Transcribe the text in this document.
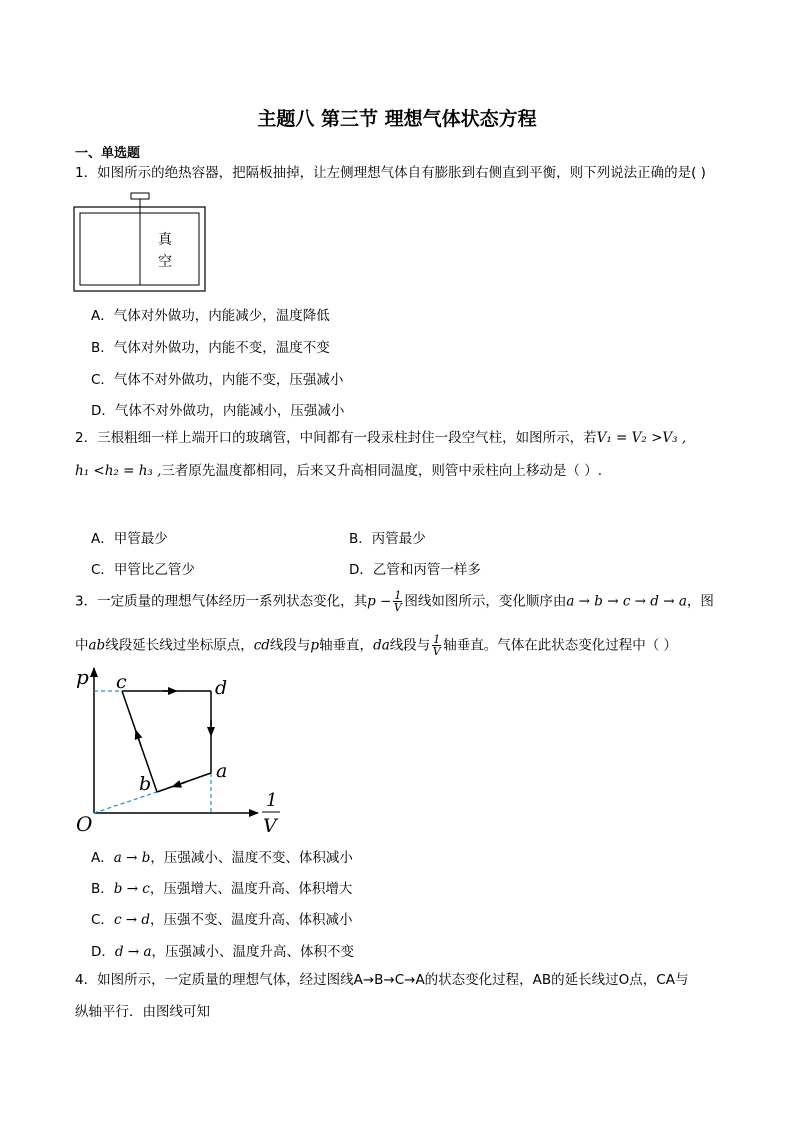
主题八 第三节 理想气体状态方程
一、单选题
1．如图所示的绝热容器，把隔板抽掉，让左侧理想气体自有膨胀到右侧直到平衡，则下列说法正确的是( )
真
空
A．气体对外做功，内能减少，温度降低
B．气体对外做功，内能不变，温度不变
C．气体不对外做功，内能不变，压强减小
D．气体不对外做功，内能减小，压强减小
2．三根粗细一样上端开口的玻璃管，中间都有一段汞柱封住一段空气柱，如图所示，若V₁ = V₂ >V₃ ,
h₁ <h₂ = h₃ ,三者原先温度都相同，后来又升高相同温度，则管中汞柱向上移动是（ ）.
A．甲管最少	B．丙管最少
C．甲管比乙管少	D．乙管和丙管一样多
3．一定质量的理想气体经历一系列状态变化，其$p - \frac{1}{V}$ 图线如图所示，变化顺序由a → b → c → d → a，图
中ab线段延长线过坐标原点，cd线段与p轴垂直，da线段与 $\frac{1}{V}$ 轴垂直。气体在此状态变化过程中（ ）
p
O
c	d
a
b
1
V
A．a → b，压强减小、温度不变、体积减小
B．b → c，压强增大、温度升高、体积增大
C．c → d，压强不变、温度升高、体积减小
D．d → a，压强减小、温度升高、体积不变
4．如图所示，一定质量的理想气体，经过图线A→B→C→A的状态变化过程，AB的延长线过O点，CA与
纵轴平行．由图线可知
